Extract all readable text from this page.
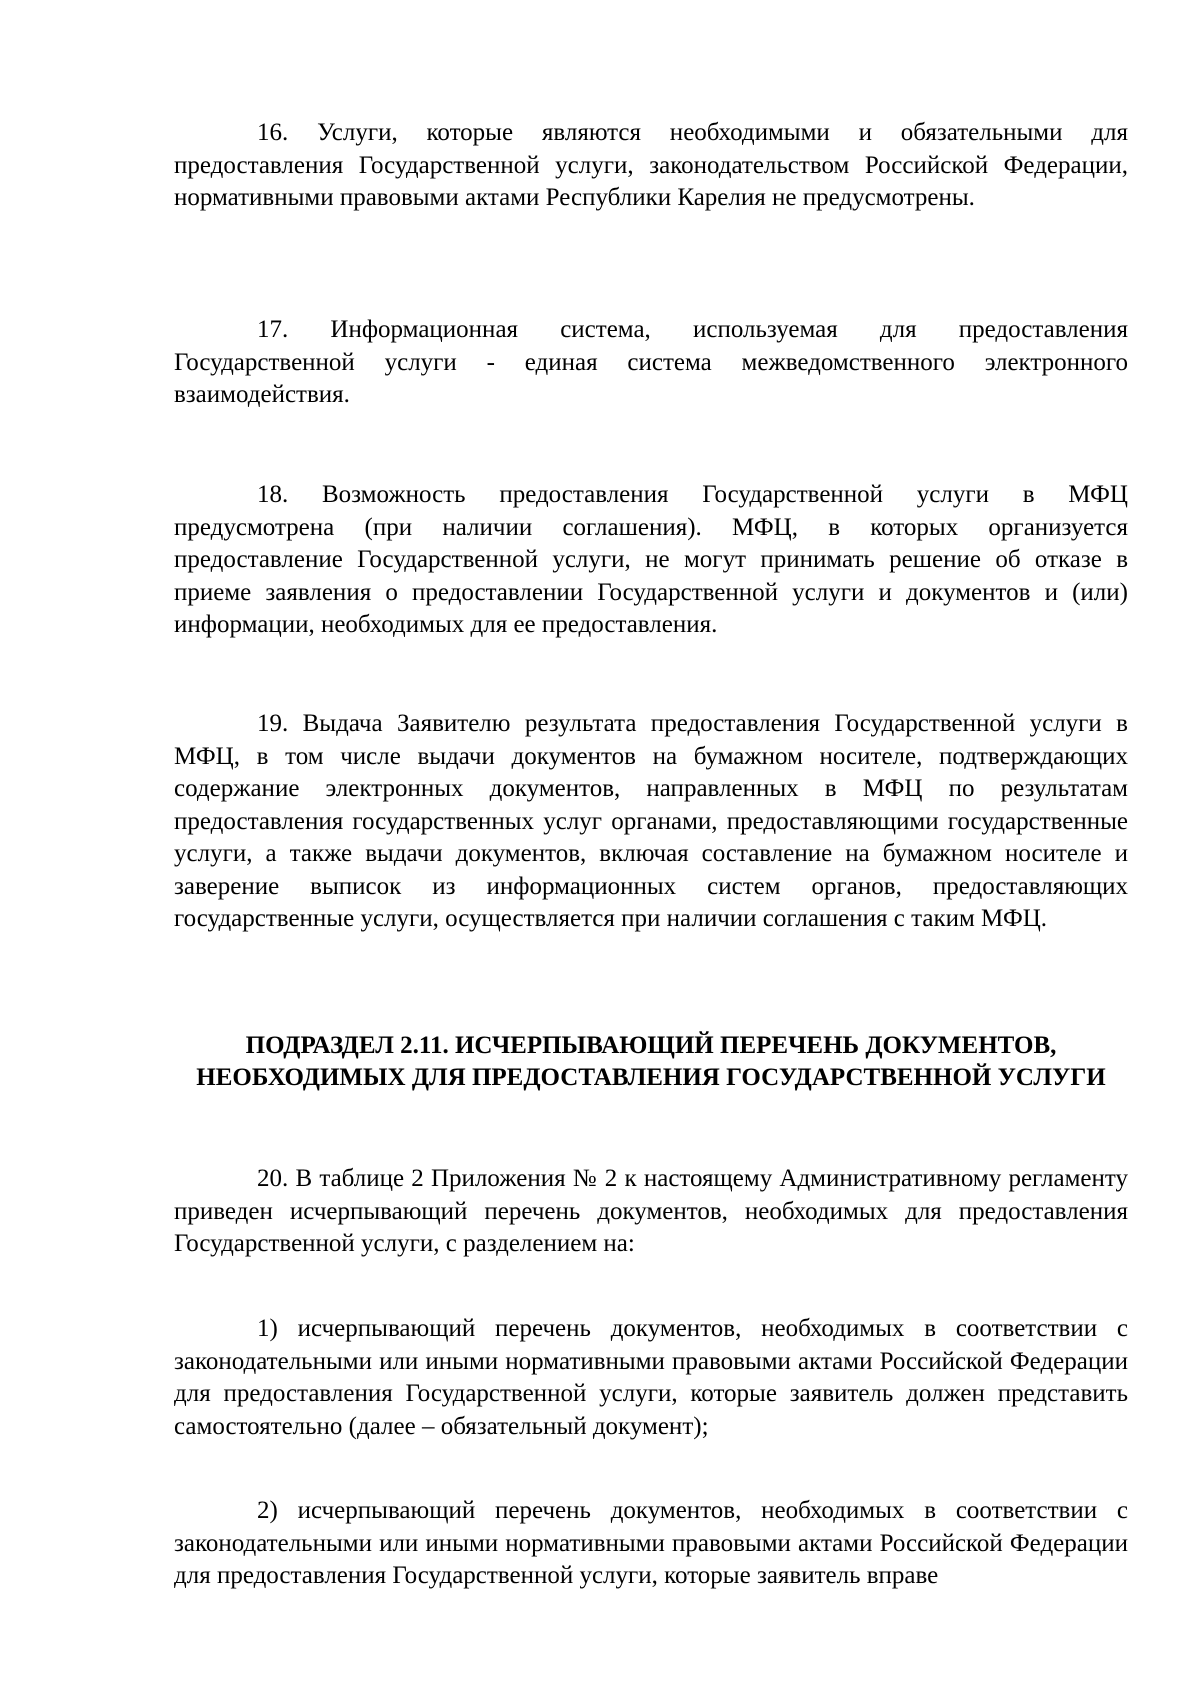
16. Услуги, которые являются необходимыми и обязательными для предоставления Государственной услуги, законодательством Российской Федерации, нормативными правовыми актами Республики Карелия не предусмотрены.

17. Информационная система, используемая для предоставления Государственной услуги - единая система межведомственного электронного взаимодействия.

18. Возможность предоставления Государственной услуги в МФЦ предусмотрена (при наличии соглашения). МФЦ, в которых организуется предоставление Государственной услуги, не могут принимать решение об отказе в приеме заявления о предоставлении Государственной услуги и документов и (или) информации, необходимых для ее предоставления.

19. Выдача Заявителю результата предоставления Государственной услуги в МФЦ, в том числе выдачи документов на бумажном носителе, подтверждающих содержание электронных документов, направленных в МФЦ по результатам предоставления государственных услуг органами, предоставляющими государственные услуги, а также выдачи документов, включая составление на бумажном носителе и заверение выписок из информационных систем органов, предоставляющих государственные услуги, осуществляется при наличии соглашения с таким МФЦ.

ПОДРАЗДЕЛ 2.11. ИСЧЕРПЫВАЮЩИЙ ПЕРЕЧЕНЬ ДОКУМЕНТОВ, НЕОБХОДИМЫХ ДЛЯ ПРЕДОСТАВЛЕНИЯ ГОСУДАРСТВЕННОЙ УСЛУГИ

20. В таблице 2 Приложения № 2 к настоящему Административному регламенту приведен исчерпывающий перечень документов, необходимых для предоставления Государственной услуги, с разделением на:

1) исчерпывающий перечень документов, необходимых в соответствии с законодательными или иными нормативными правовыми актами Российской Федерации для предоставления Государственной услуги, которые заявитель должен представить самостоятельно (далее – обязательный документ);

2) исчерпывающий перечень документов, необходимых в соответствии с законодательными или иными нормативными правовыми актами Российской Федерации для предоставления Государственной услуги, которые заявитель вправе
